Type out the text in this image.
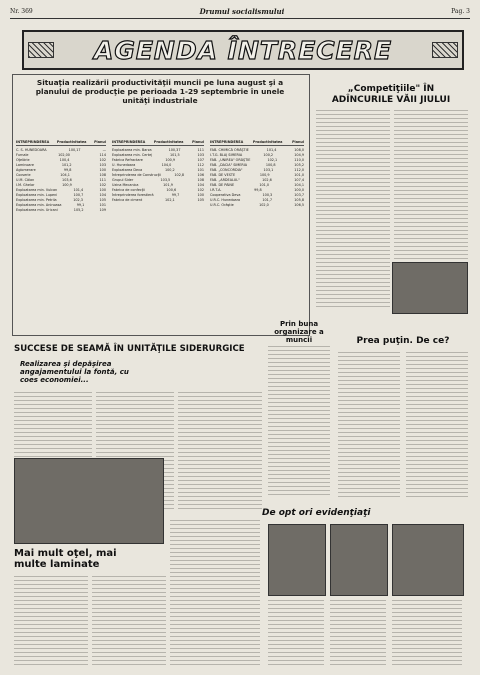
Nr. 369	Drumul socialismului	Pag. 3
AGENDA ÎNTRECERE
Situaţia realizării productivităţii muncii pe luna august şi a planului de producţie pe perioada 1-29 septembrie în unele unităţi industriale
INTREPRINDEREA Productivitatea Planul
C. S. HUNEDOARA	100,17	—
Furnale	102,00	114
Oţelărie	100,4	102
Laminoare	101,2	103
Aglomerare	99,8	100
Cocserie	104,1	108
U.M. Călan	103,6	111
I.M. Ghelar	100,9	102
Exploatarea min. Vulcan	101,4	100
Exploatarea min. Lupeni	100,7	104
Exploatarea min. Petrila	102,3	105
Exploatarea min. Aninoasa	99,1	101
Exploatarea min. Uricani	105,2	109
INTREPRINDEREA	Productivitatea	Planul
Exploatarea min. Barza	100,37	111
Exploatarea min. Certej	101,5	103
Fabrica Refractare	100,9	107
U. Hunedoara	104,0	112
Exploatarea Deva	100,2	101
Întreprinderea de Construcţii	102,8	106
Grupul Sider	103,5	108
Uzina Mecanica	101,9	104
Fabrica de confecţii	100,6	102
Întreprinderea forestieră	99,7	100
Fabrica de ciment	102,1	105
INTREPRINDEREA	Productivitatea	Planul
FAB. CHIMICĂ ORĂŞTIE	101,4	108,0
I.T.G. BLAJ SIMERIA	100,2	104,9
FAB. „UNIREA" ORĂŞTIE	102,1	110,0
FAB. „DACIA" SIMERIA	100,8	105,2
FAB. „CONCORDIA"	103,1	112,0
FAB. DE VESTE	100,9	101,0
FAB. „ARDEALUL"	102,6	107,4
FAB. DE PÂINE	101,0	104,1
I.R.T.A.	99,8	100,0
Cooperativa Deva	100,3	103,7
U.R.C. Hunedoara	101,7	105,8
U.R.C. Orăştie	102,0	106,5
„Competiţiile" ÎN ADÎNCURILE VĂII JIULUI
Prin buna organizare a muncii	Prea puţin. De ce?
SUCCESE DE SEAMĂ ÎN UNITĂŢILE SIDERURGICE
Realizarea şi depăşirea angajamentului la fontă, cu coes economiei...
Mai mult oţel, mai multe laminate
De opt ori evidenţiaţi
